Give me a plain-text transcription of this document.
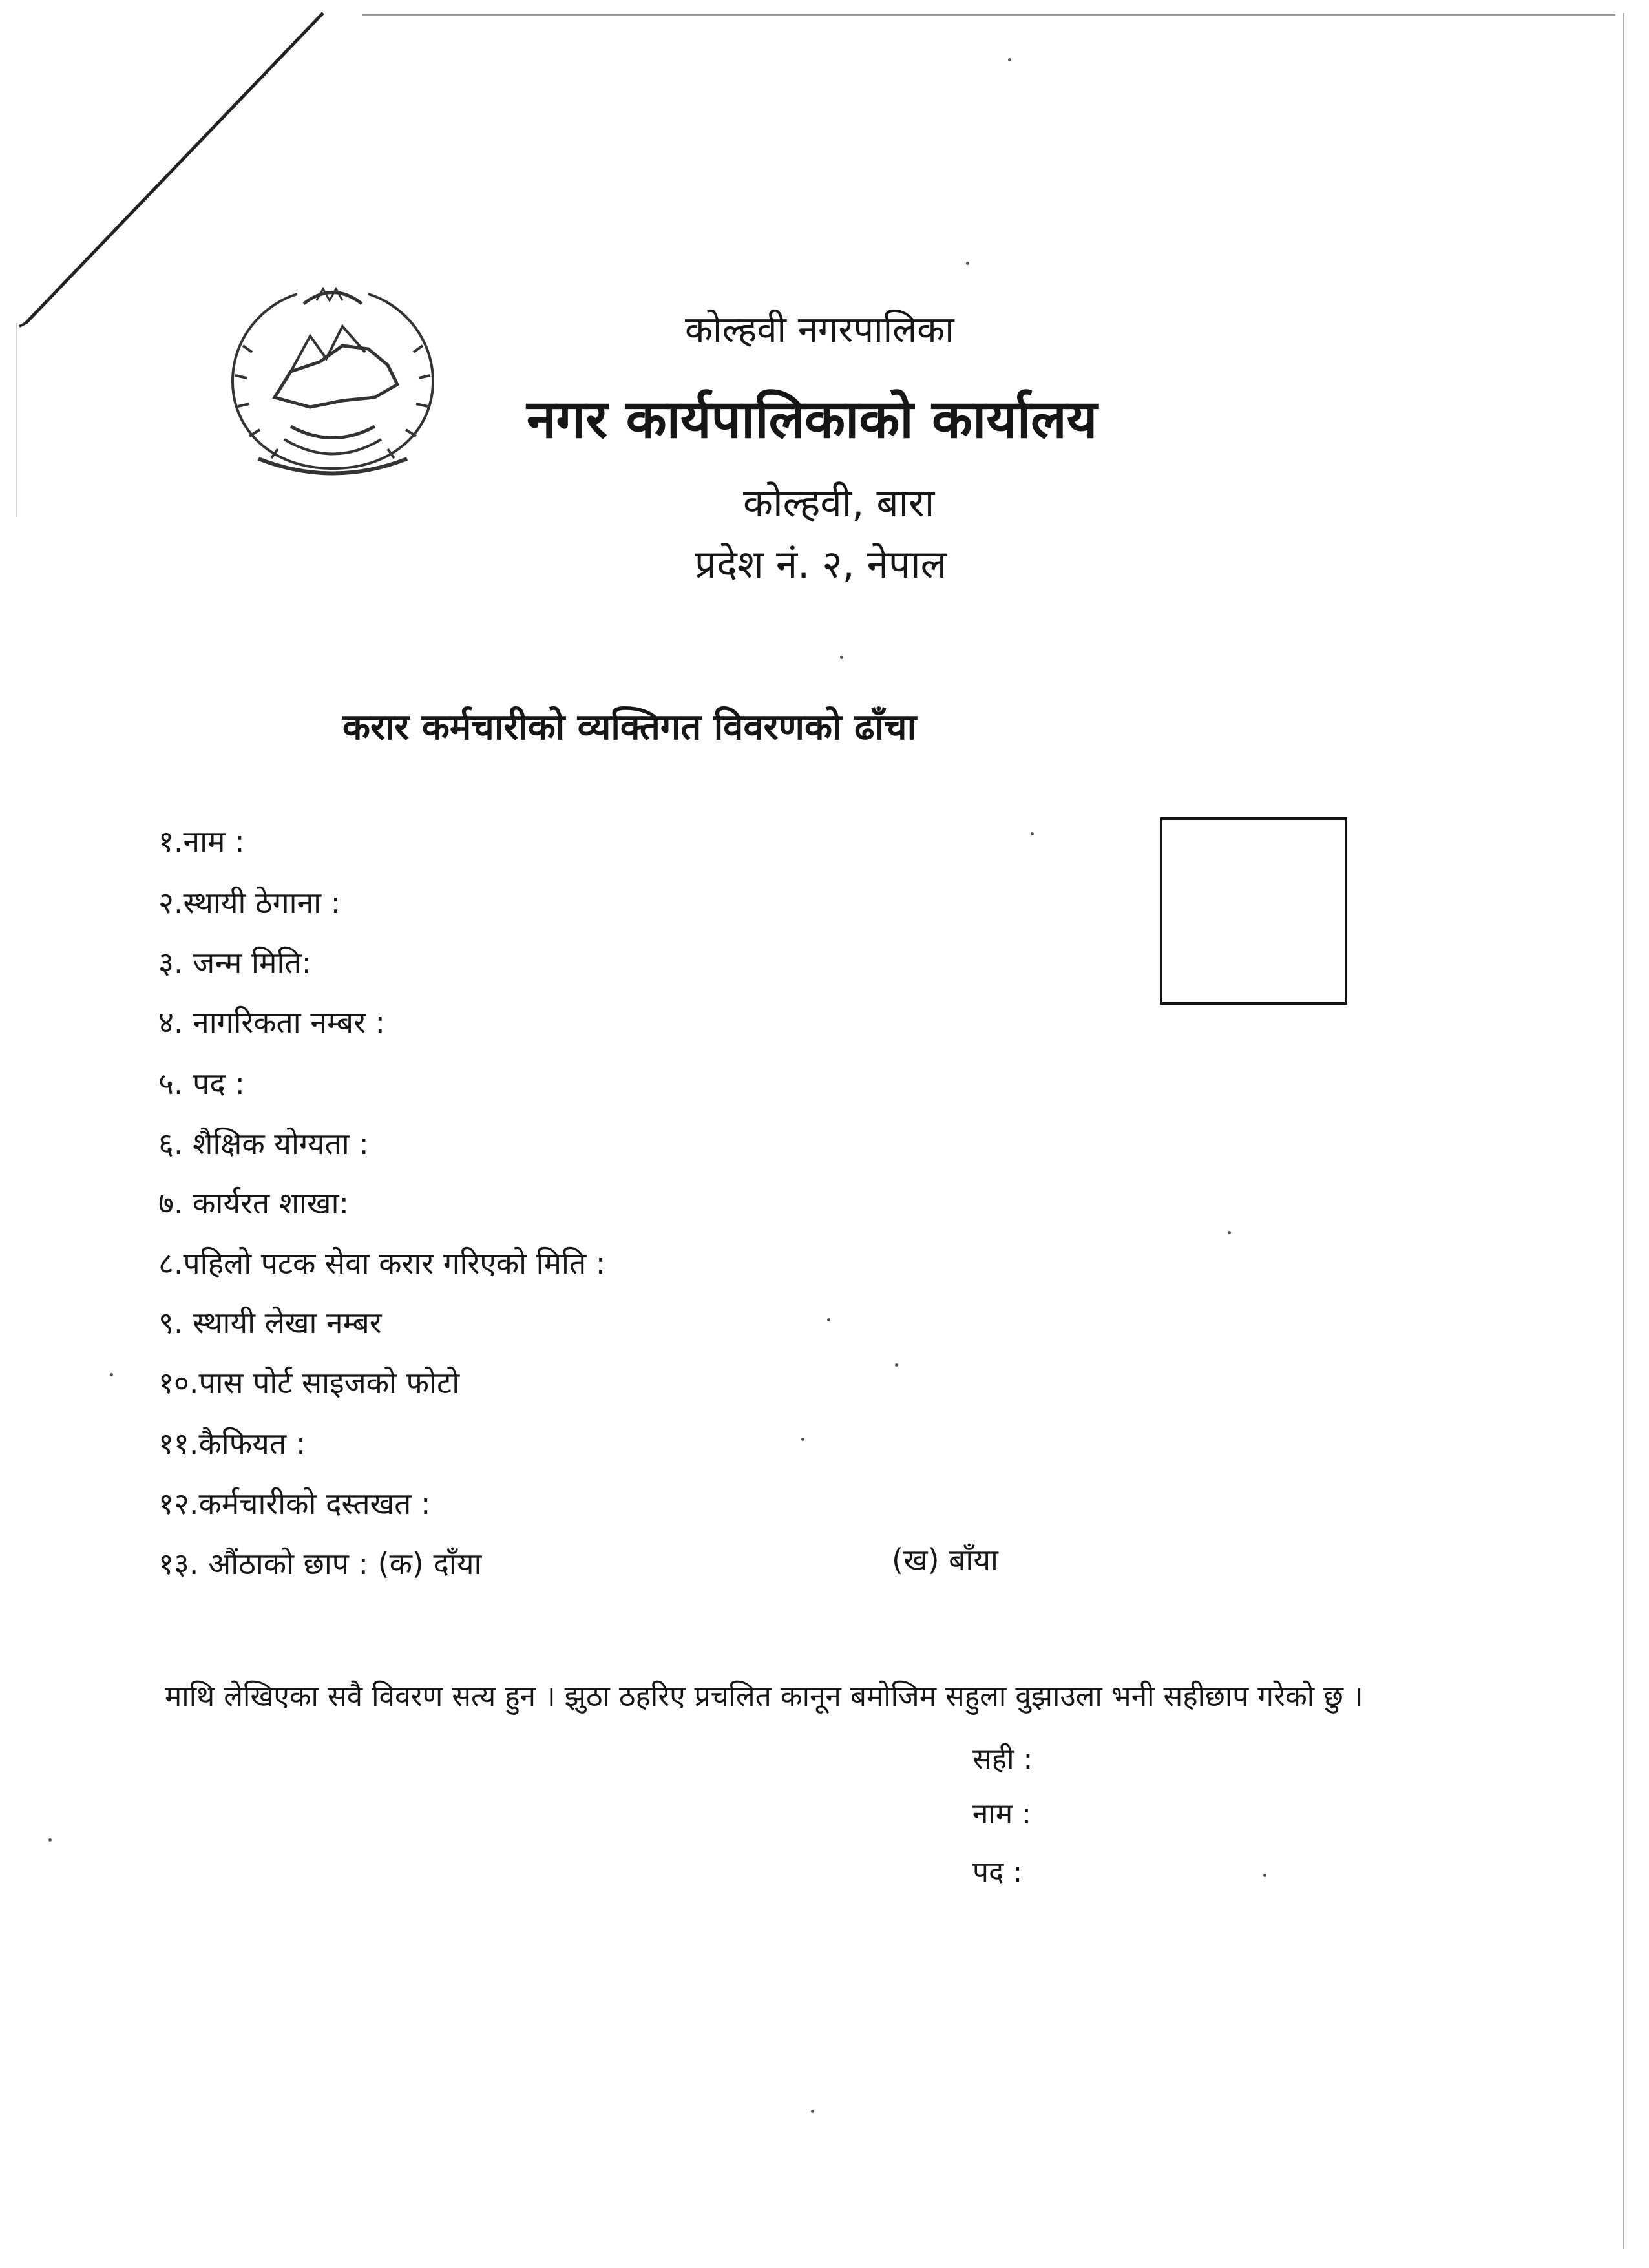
कोल्हवी नगरपालिका
नगर कार्यपालिकाको कार्यालय
कोल्हवी, बारा
प्रदेश नं. २, नेपाल
करार कर्मचारीको व्यक्तिगत विवरणको ढाँचा
१.नाम :
२.स्थायी ठेगाना :
३. जन्म मिति:
४. नागरिकता नम्बर :
५. पद :
६. शैक्षिक योग्यता :
७. कार्यरत शाखा:
८.पहिलो पटक सेवा करार गरिएको मिति :
९. स्थायी लेखा नम्बर
१०.पास पोर्ट साइजको फोटो
११.कैफियत :
१२.कर्मचारीको दस्तखत :
१३. औंठाको छाप : (क) दाँया	(ख) बाँया
माथि लेखिएका सवै विवरण सत्य हुन । झुठा ठहरिए प्रचलित कानून बमोजिम सहुला वुझाउला भनी सहीछाप गरेको छु ।
सही :
नाम :
पद :
